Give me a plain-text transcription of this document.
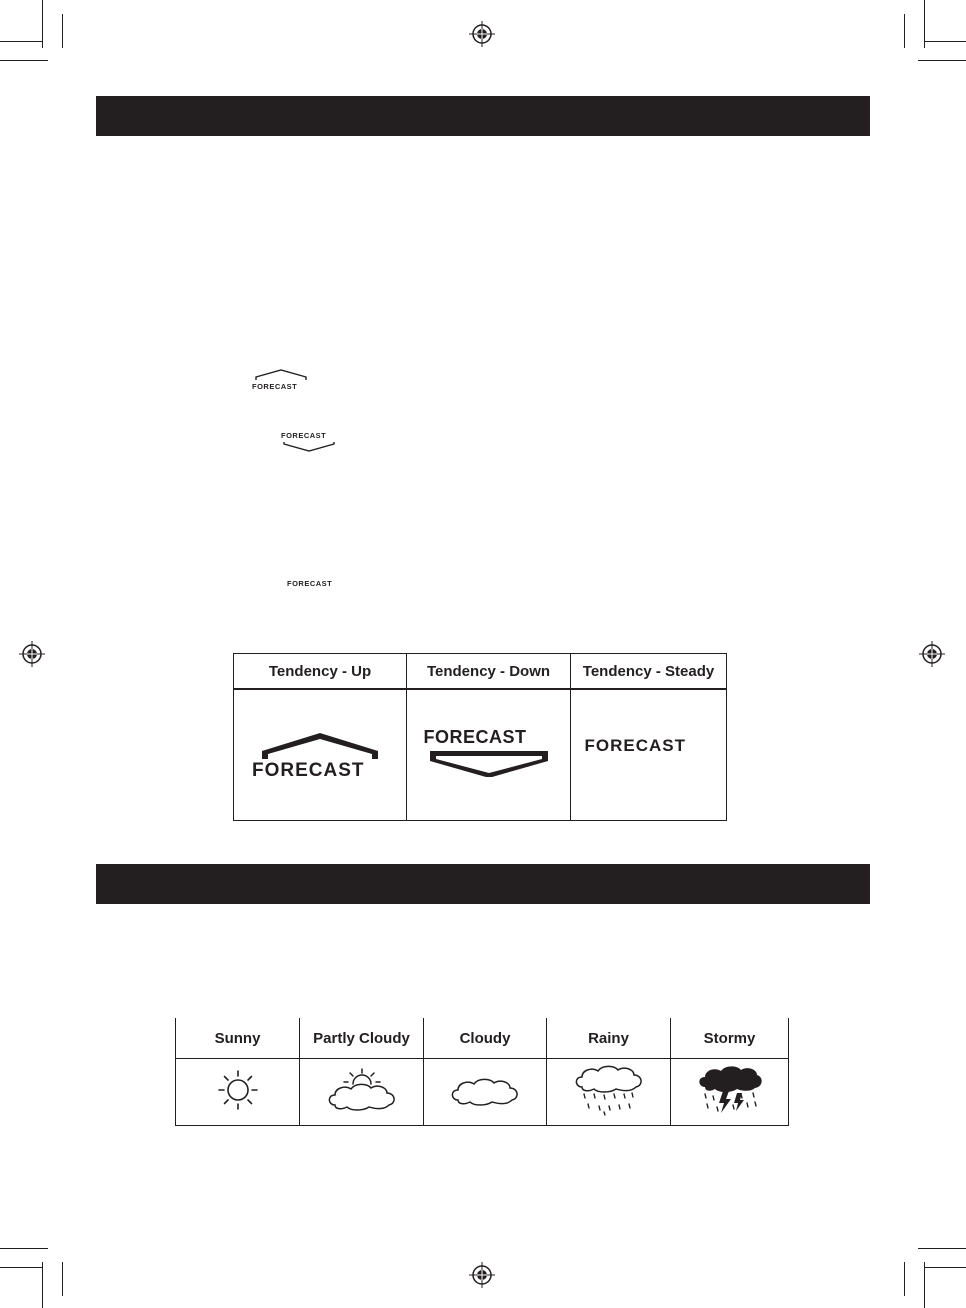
FORECAST
FORECAST
FORECAST
Tendency - Up	Tendency - Down	Tendency - Steady

FORECAST	FORECAST	FORECAST
Sunny	Partly Cloudy	Cloudy	Rainy	Stormy
